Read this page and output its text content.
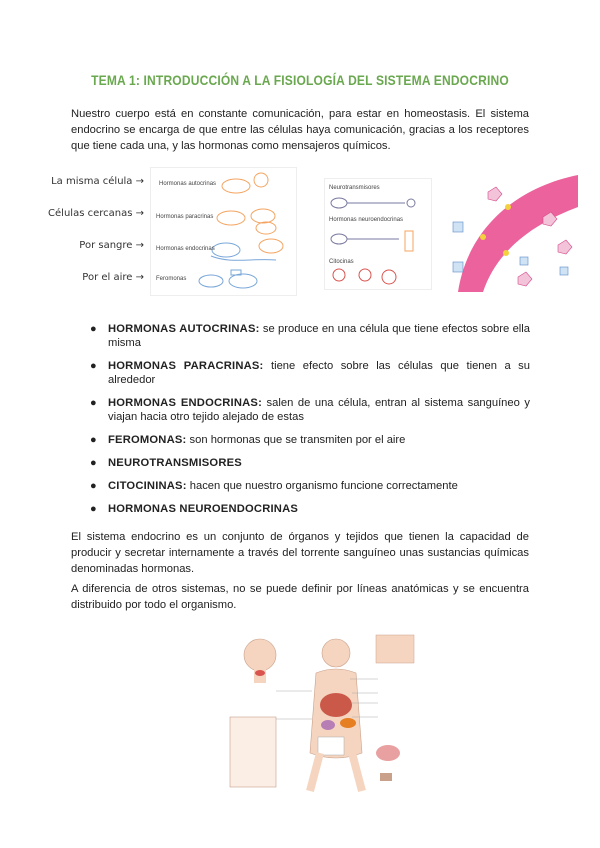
TEMA 1: INTRODUCCIÓN A LA FISIOLOGÍA DEL SISTEMA ENDOCRINO
Nuestro cuerpo está en constante comunicación, para estar en homeostasis. El sistema endocrino se encarga de que entre las células haya comunicación, gracias a los receptores que tiene cada una, y las hormonas como mensajeros químicos.
La misma célula →
Células cercanas →
Por sangre →
Por el aire →
Hormonas autocrinas
Hormonas paracrinas
Hormonas endocrinas
Feromonas
Neurotransmisores
Hormonas neuroendocrinas
Citocinas
● HORMONAS AUTOCRINAS: se produce en una célula que tiene efectos sobre ella misma
● HORMONAS PARACRINAS: tiene efecto sobre las células que tienen a su alrededor
● HORMONAS ENDOCRINAS: salen de una célula, entran al sistema sanguíneo y viajan hacia otro tejido alejado de estas
● FEROMONAS: son hormonas que se transmiten por el aire
● NEUROTRANSMISORES
● CITOCININAS: hacen que nuestro organismo funcione correctamente
● HORMONAS NEUROENDOCRINAS
El sistema endocrino es un conjunto de órganos y tejidos que tienen la capacidad de producir y secretar internamente a través del torrente sanguíneo unas sustancias químicas denominadas hormonas.
A diferencia de otros sistemas, no se puede definir por líneas anatómicas y se encuentra distribuido por todo el organismo.
